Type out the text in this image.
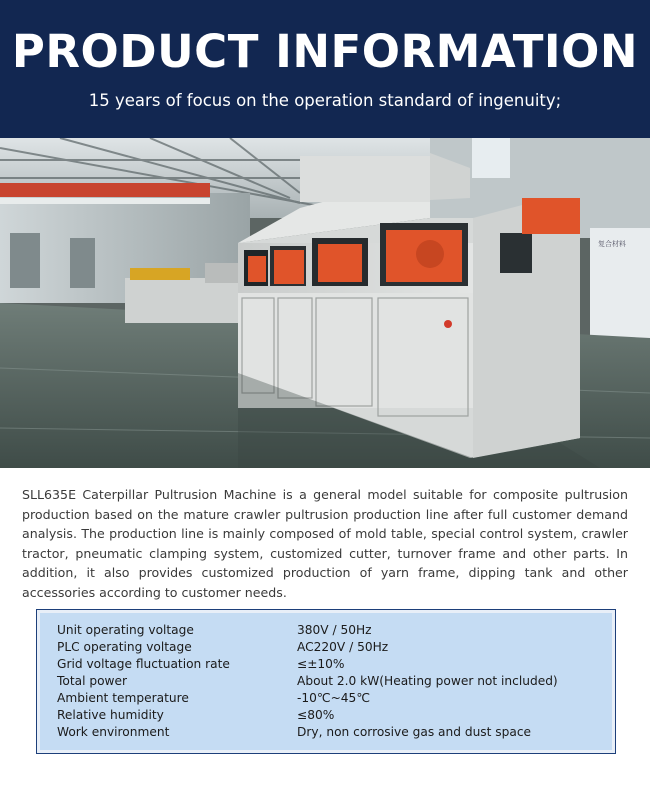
PRODUCT INFORMATION
15 years of focus on the operation standard of ingenuity;
复合材料
SLL635E Caterpillar Pultrusion Machine is a general model suitable for composite pultrusion production based on the mature crawler pultrusion production line after full customer demand analysis. The production line is mainly composed of mold table, special control system, crawler tractor, pneumatic clamping system, customized cutter, turnover frame and other parts. In addition, it also provides customized production of yarn frame, dipping tank and other accessories according to customer needs.
Unit operating voltage	380V / 50Hz
PLC operating voltage	AC220V / 50Hz
Grid voltage fluctuation rate	≤±10%
Total power	About 2.0 kW(Heating power not included)
Ambient temperature	-10℃~45℃
Relative humidity	≤80%
Work environment	Dry, non corrosive gas and dust space
